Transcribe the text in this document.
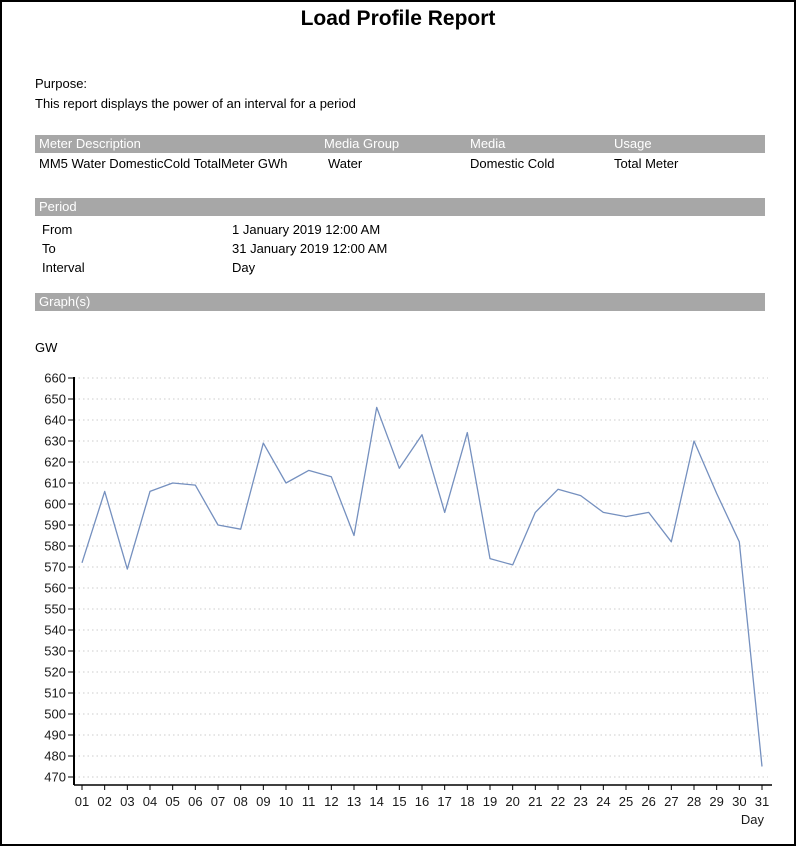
Load Profile Report
Purpose:
This report displays the power of an interval for a period
Meter Description	Media Group	Media	Usage
MM5 Water DomesticCold TotalMeter GWh	Water	Domestic Cold	Total Meter
Period
From	1 January 2019 12:00 AM
To	31 January 2019 12:00 AM
Interval	Day
Graph(s)
GW
660
650
640
630
620
610
600
590
580
570
560
550
540
530
520
510
500
490
480
470
01 02 03 04 05 06 07 08 09 10 11 12 13 14 15 16 17 18 19 20 21 22 23 24 25 26 27 28 29 30 31
Day
